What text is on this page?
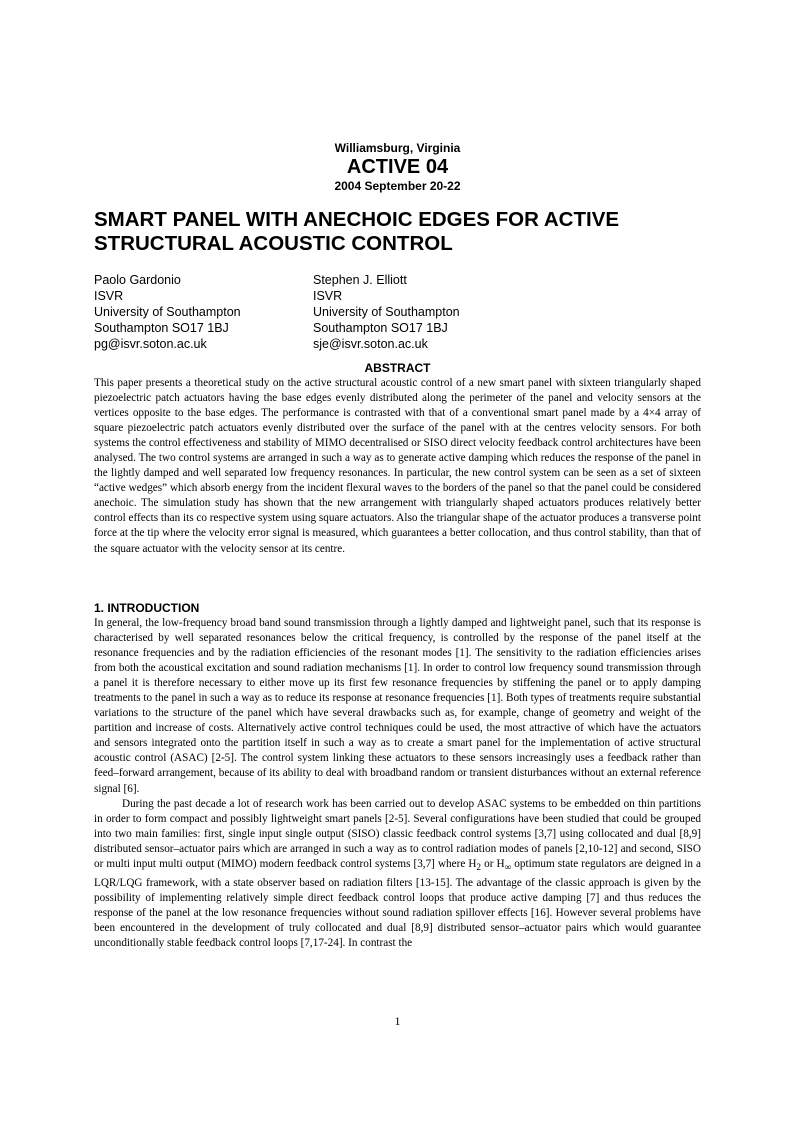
Williamsburg, Virginia
ACTIVE 04
2004 September 20-22
SMART PANEL WITH ANECHOIC EDGES FOR ACTIVE
STRUCTURAL ACOUSTIC CONTROL
Paolo Gardonio
ISVR
University of Southampton
Southampton SO17 1BJ
pg@isvr.soton.ac.uk
Stephen J. Elliott
ISVR
University of Southampton
Southampton SO17 1BJ
sje@isvr.soton.ac.uk
ABSTRACT

This paper presents a theoretical study on the active structural acoustic control of a new smart panel with sixteen triangularly shaped piezoelectric patch actuators having the base edges evenly distributed along the perimeter of the panel and velocity sensors at the vertices opposite to the base edges. The performance is contrasted with that of a conventional smart panel made by a 4×4 array of square piezoelectric patch actuators evenly distributed over the surface of the panel with at the centres velocity sensors. For both systems the control effectiveness and stability of MIMO decentralised or SISO direct velocity feedback control architectures have been analysed. The two control systems are arranged in such a way as to generate active damping which reduces the response of the panel in the lightly damped and well separated low frequency resonances. In particular, the new control system can be seen as a set of sixteen “active wedges” which absorb energy from the incident flexural waves to the borders of the panel so that the panel could be considered anechoic. The simulation study has shown that the new arrangement with triangularly shaped actuators produces relatively better control effects than its co respective system using square actuators. Also the triangular shape of the actuator produces a transverse point force at the tip where the velocity error signal is measured, which guarantees a better collocation, and thus control stability, than that of the square actuator with the velocity sensor at its centre.

1. INTRODUCTION

In general, the low-frequency broad band sound transmission through a lightly damped and lightweight panel, such that its response is characterised by well separated resonances below the critical frequency, is controlled by the response of the panel itself at the resonance frequencies and by the radiation efficiencies of the resonant modes [1]. The sensitivity to the radiation efficiencies arises from both the acoustical excitation and sound radiation mechanisms [1]. In order to control low frequency sound transmission through a panel it is therefore necessary to either move up its first few resonance frequencies by stiffening the panel or to apply damping treatments to the panel in such a way as to reduce its response at resonance frequencies [1]. Both types of treatments require substantial variations to the structure of the panel which have several drawbacks such as, for example, change of geometry and weight of the partition and increase of costs. Alternatively active control techniques could be used, the most attractive of which have the actuators and sensors integrated onto the partition itself in such a way as to create a smart panel for the implementation of active structural acoustic control (ASAC) [2-5]. The control system linking these actuators to these sensors increasingly uses a feedback rather than feed–forward arrangement, because of its ability to deal with broadband random or transient disturbances without an external reference signal [6].

During the past decade a lot of research work has been carried out to develop ASAC systems to be embedded on thin partitions in order to form compact and possibly lightweight smart panels [2-5]. Several configurations have been studied that could be grouped into two main families: first, single input single output (SISO) classic feedback control systems [3,7] using collocated and dual [8,9] distributed sensor–actuator pairs which are arranged in such a way as to control radiation modes of panels [2,10-12] and second, SISO or multi input multi output (MIMO) modern feedback control systems [3,7] where $H_2$ or $H_\infty$ optimum state regulators are deigned in a LQR/LQG framework, with a state observer based on radiation filters [13-15]. The advantage of the classic approach is given by the possibility of implementing relatively simple direct feedback control loops that produce active damping [7] and thus reduces the response of the panel at the low resonance frequencies without sound radiation spillover effects [16]. However several problems have been encountered in the development of truly collocated and dual [8,9] distributed sensor–actuator pairs which would guarantee unconditionally stable feedback control loops [7,17-24]. In contrast the

1
